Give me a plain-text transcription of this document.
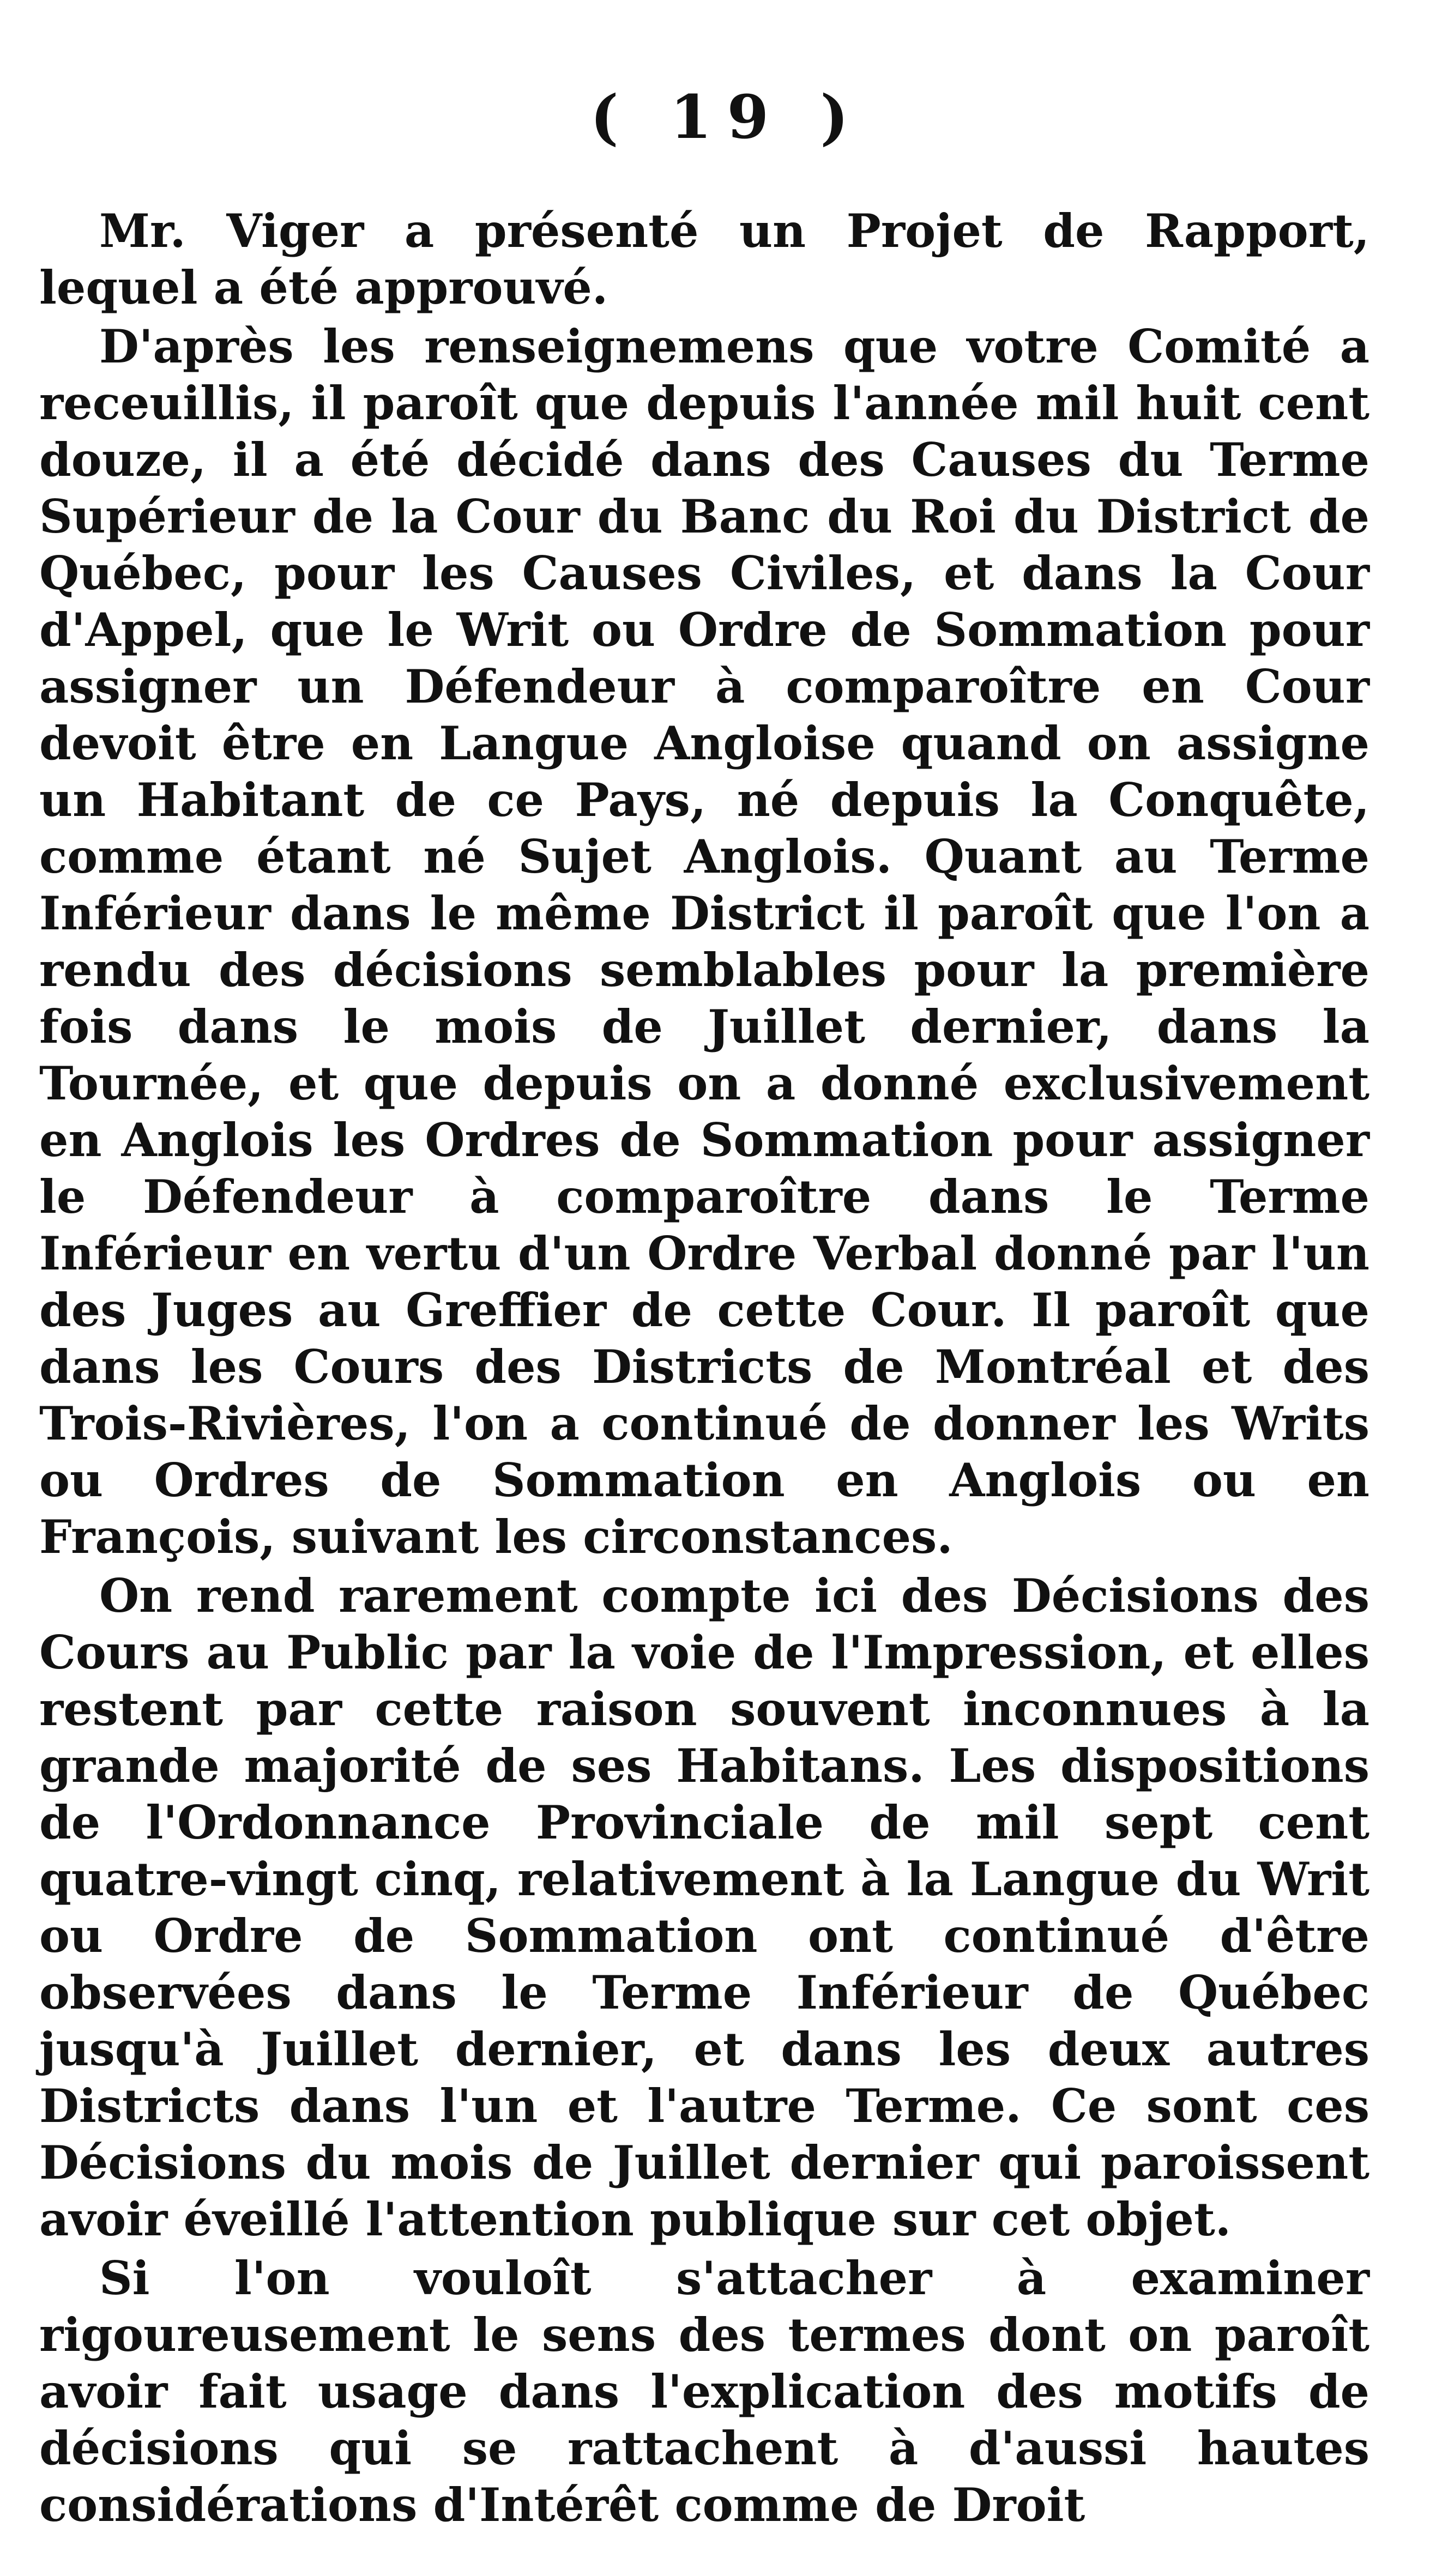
( 19 )

Mr. Viger a présenté un Projet de Rapport, lequel a été approuvé.

D'après les renseignemens que votre Comité a receuillis, il paroît que depuis l'année mil huit cent douze, il a été décidé dans des Causes du Terme Supérieur de la Cour du Banc du Roi du District de Québec, pour les Causes Civiles, et dans la Cour d'Appel, que le Writ ou Ordre de Sommation pour assigner un Défendeur à comparoître en Cour devoit être en Langue Angloise quand on assigne un Habitant de ce Pays, né depuis la Conquête, comme étant né Sujet Anglois. Quant au Terme Inférieur dans le même District il paroît que l'on a rendu des décisions semblables pour la première fois dans le mois de Juillet dernier, dans la Tournée, et que depuis on a donné exclusivement en Anglois les Ordres de Sommation pour assigner le Défendeur à comparoître dans le Terme Inférieur en vertu d'un Ordre Verbal donné par l'un des Juges au Greffier de cette Cour. Il paroît que dans les Cours des Districts de Montréal et des Trois-Rivières, l'on a continué de donner les Writs ou Ordres de Sommation en Anglois ou en François, suivant les circonstances.

On rend rarement compte ici des Décisions des Cours au Public par la voie de l'Impression, et elles restent par cette raison souvent inconnues à la grande majorité de ses Habitans. Les dispositions de l'Ordonnance Provinciale de mil sept cent quatre-vingt cinq, relativement à la Langue du Writ ou Ordre de Sommation ont continué d'être observées dans le Terme Inférieur de Québec jusqu'à Juillet dernier, et dans les deux autres Districts dans l'un et l'autre Terme. Ce sont ces Décisions du mois de Juillet dernier qui paroissent avoir éveillé l'attention publique sur cet objet.

Si l'on vouloît s'attacher à examiner rigoureusement le sens des termes dont on paroît avoir fait usage dans l'explication des motifs de décisions qui se rattachent à d'aussi hautes considérations d'Intérêt comme de Droit
